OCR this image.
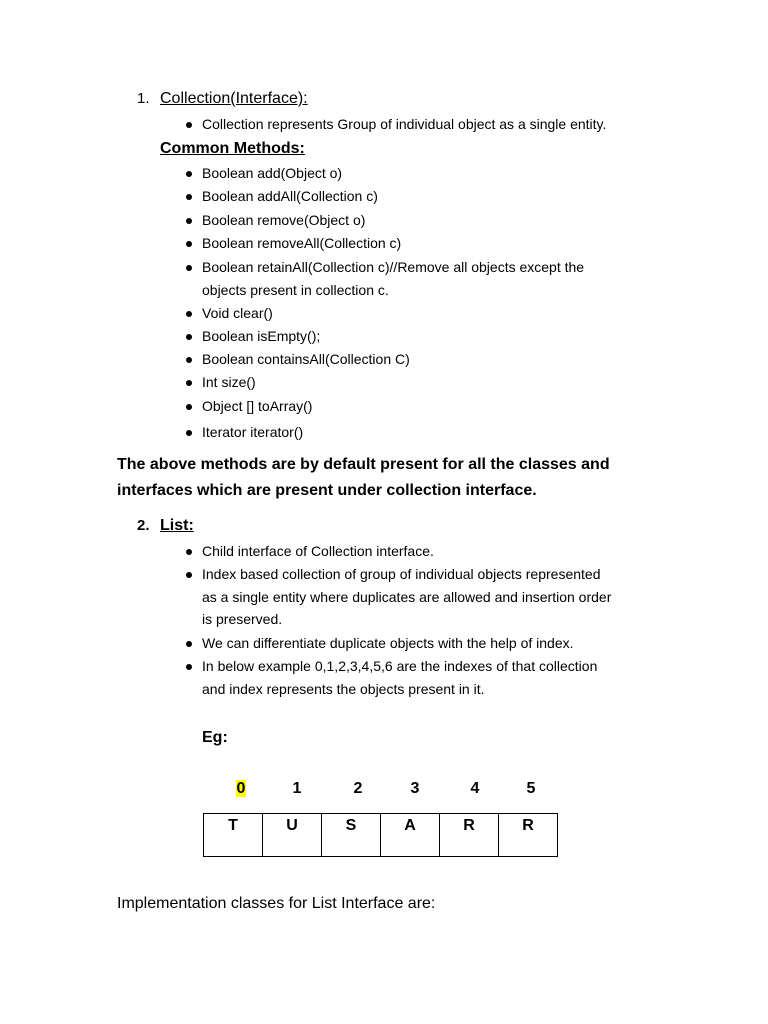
1. Collection(Interface):
Collection represents Group of individual object as a single entity.
Common Methods:
Boolean add(Object o)
Boolean addAll(Collection c)
Boolean remove(Object o)
Boolean removeAll(Collection c)
Boolean retainAll(Collection c)//Remove all objects except the
objects present in collection c.
Void clear()
Boolean isEmpty();
Boolean containsAll(Collection C)
Int size()
Object [] toArray()
Iterator iterator()
The above methods are by default present for all the classes and
interfaces which are present under collection interface.
2. List:
Child interface of Collection interface.
Index based collection of group of individual objects represented
as a single entity where duplicates are allowed and insertion order
is preserved.
We can differentiate duplicate objects with the help of index.
In below example 0,1,2,3,4,5,6 are the indexes of that collection
and index represents the objects present in it.
Eg:
0	1	2	3	4	5
T	U	S	A	R	R
Implementation classes for List Interface are:
